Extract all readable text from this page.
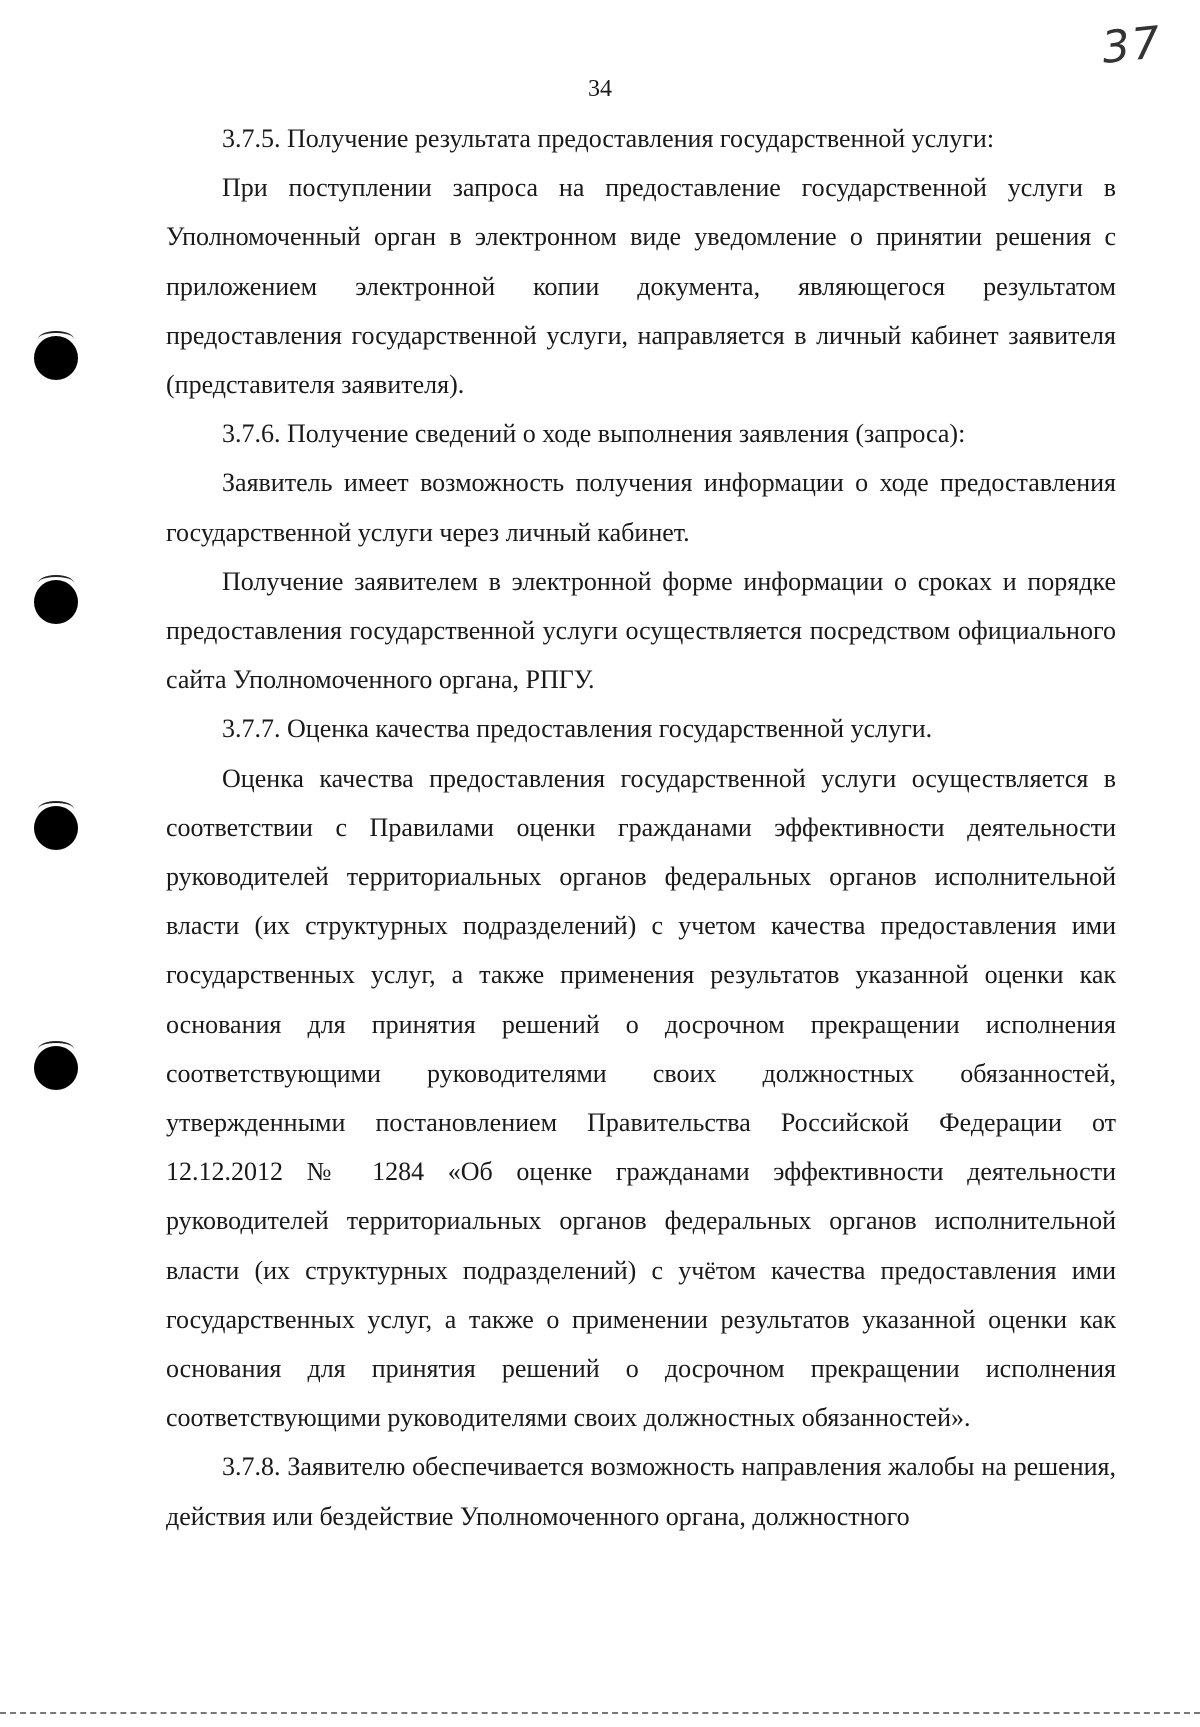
37
34

3.7.5. Получение результата предоставления государственной услуги:

При поступлении запроса на предоставление государственной услуги в Уполномоченный орган в электронном виде уведомление о принятии решения с приложением электронной копии документа, являющегося результатом предоставления государственной услуги, направляется в личный кабинет заявителя (представителя заявителя).

3.7.6. Получение сведений о ходе выполнения заявления (запроса):

Заявитель имеет возможность получения информации о ходе предоставления государственной услуги через личный кабинет.

Получение заявителем в электронной форме информации о сроках и порядке предоставления государственной услуги осуществляется посредством официального сайта Уполномоченного органа, РПГУ.

3.7.7. Оценка качества предоставления государственной услуги.

Оценка качества предоставления государственной услуги осуществляется в соответствии с Правилами оценки гражданами эффективности деятельности руководителей территориальных органов федеральных органов исполнительной власти (их структурных подразделений) с учетом качества предоставления ими государственных услуг, а также применения результатов указанной оценки как основания для принятия решений о досрочном прекращении исполнения соответствующими руководителями своих должностных обязанностей, утвержденными постановлением Правительства Российской Федерации от 12.12.2012 № 1284 «Об оценке гражданами эффективности деятельности руководителей территориальных органов федеральных органов исполнительной власти (их структурных подразделений) с учётом качества предоставления ими государственных услуг, а также о применении результатов указанной оценки как основания для принятия решений о досрочном прекращении исполнения соответствующими руководителями своих должностных обязанностей».

3.7.8. Заявителю обеспечивается возможность направления жалобы на решения, действия или бездействие Уполномоченного органа, должностного
